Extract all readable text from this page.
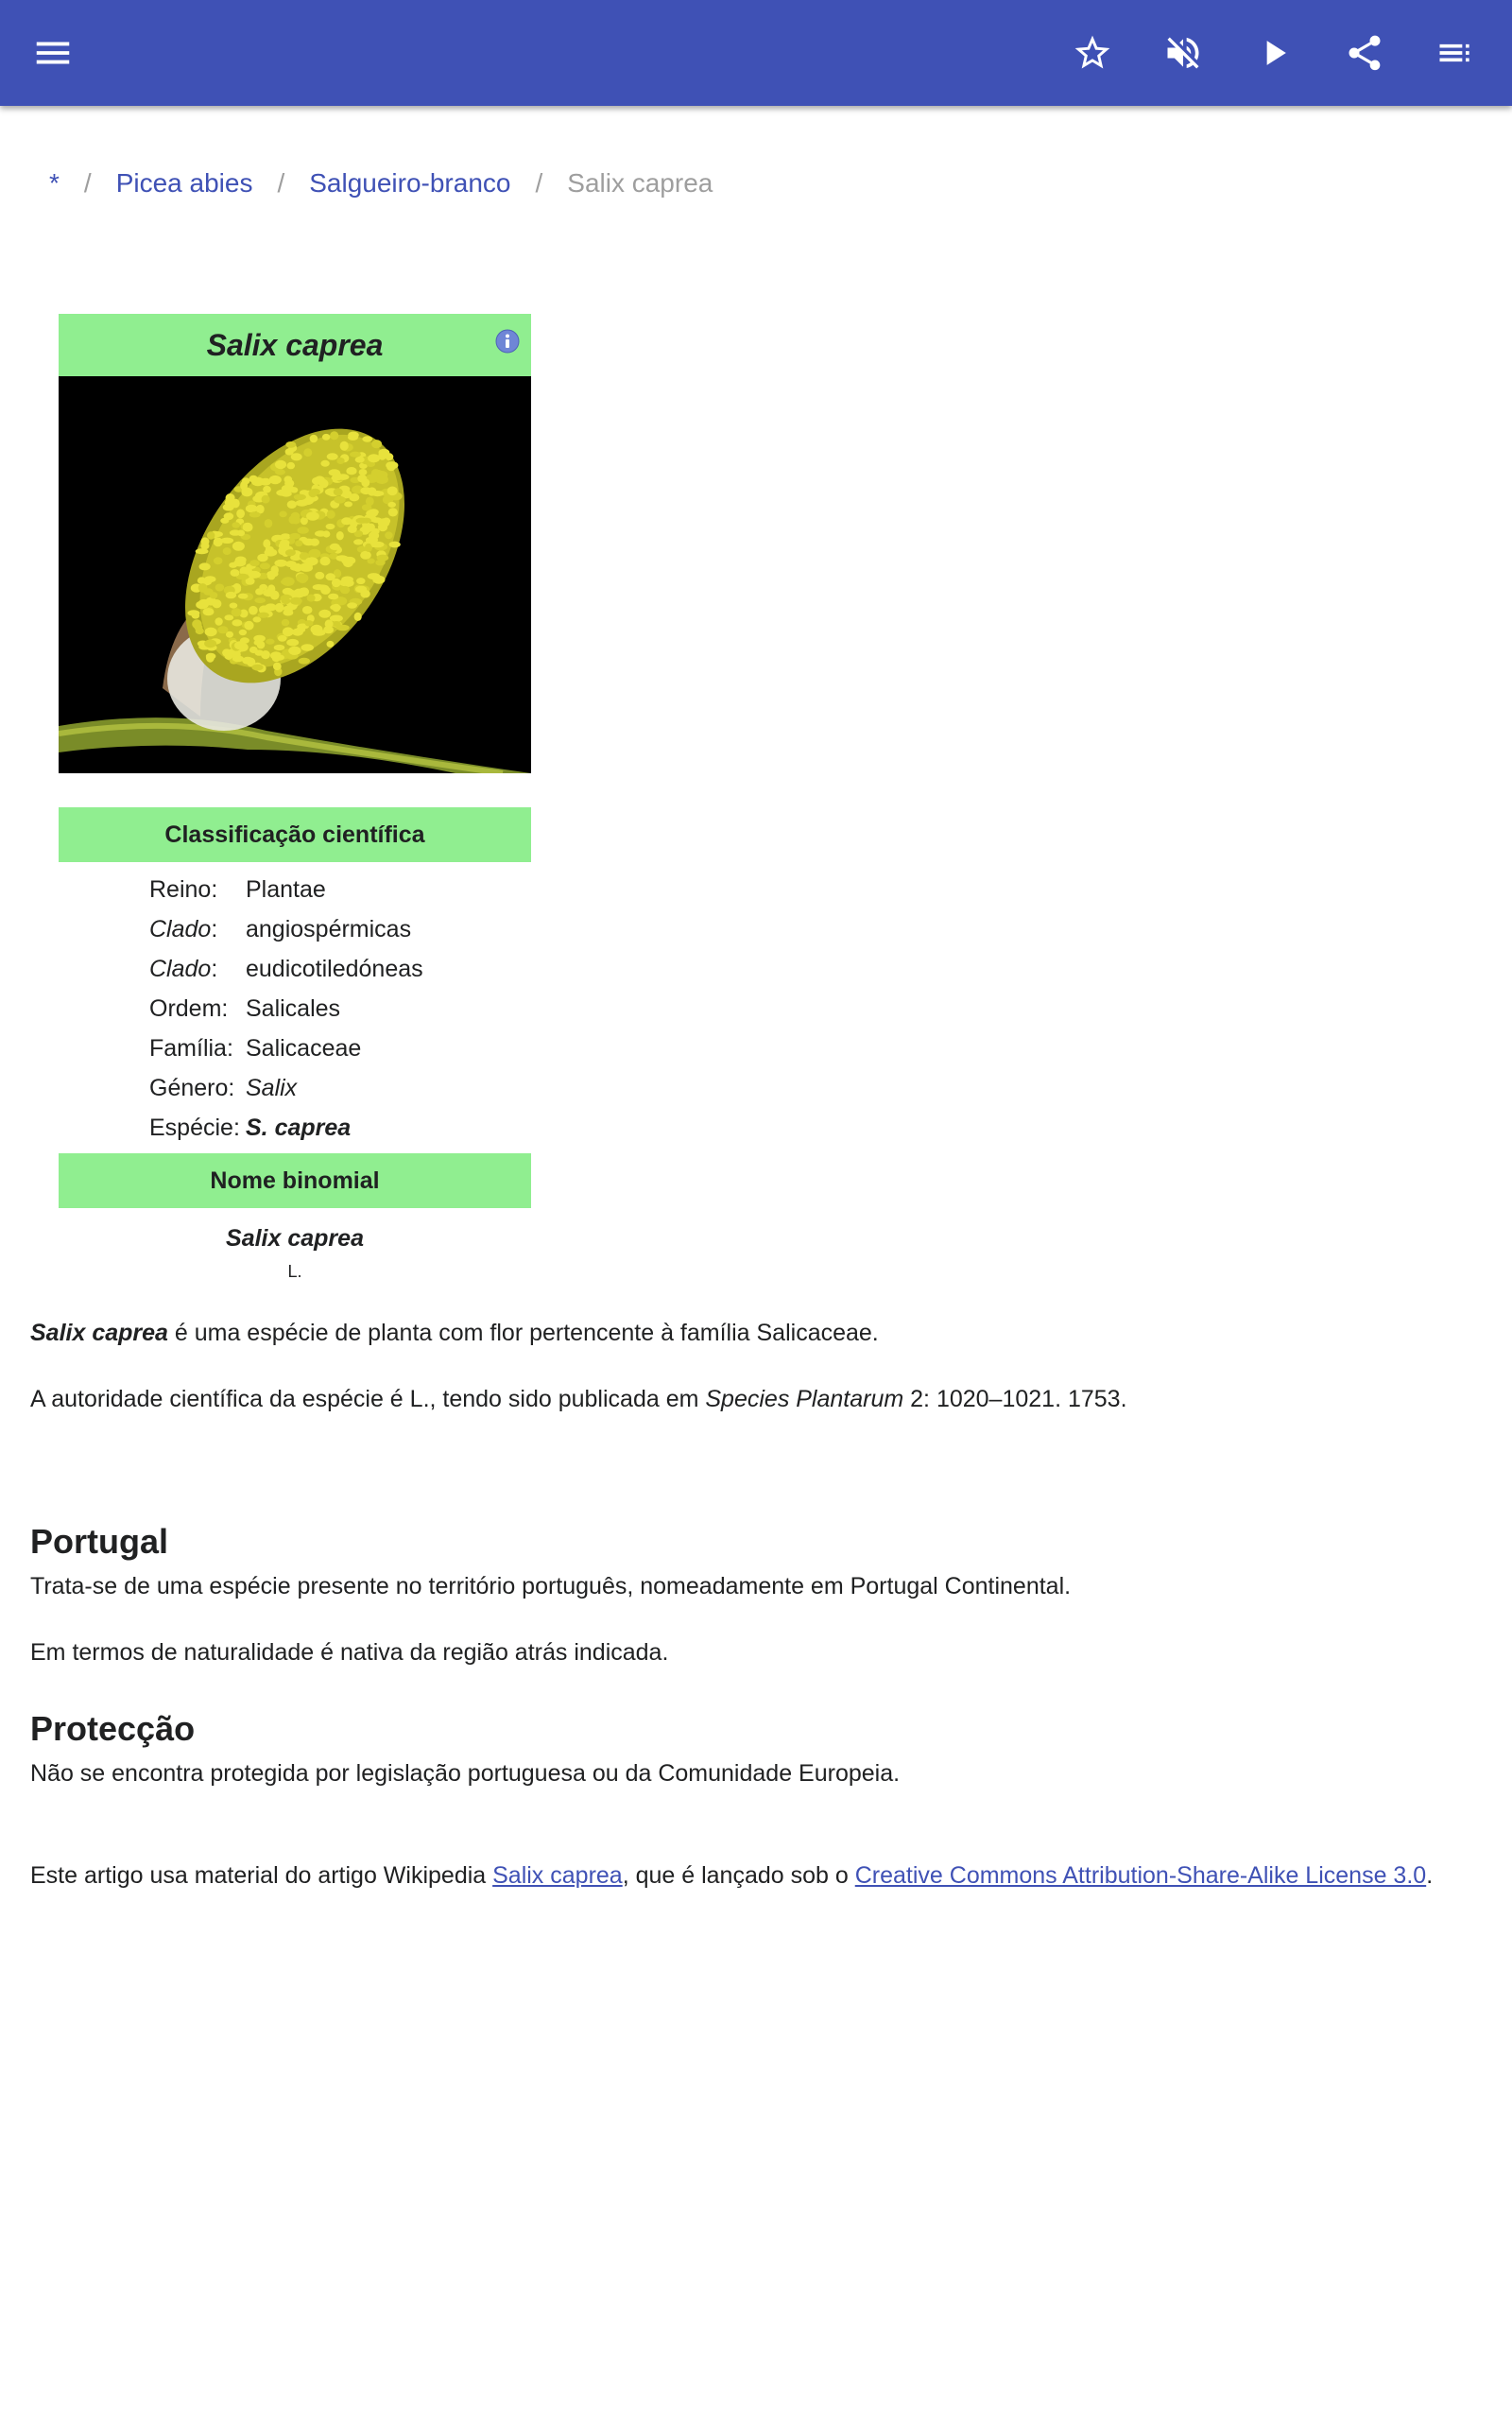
* / Picea abies / Salgueiro-branco / Salix caprea
Salix caprea
Classificação científica
Reino:	Plantae
Clado:	angiospérmicas
Clado:	eudicotiledóneas
Ordem: Salicales
Família: Salicaceae
Género: Salix
Espécie: S. caprea
Nome binomial
Salix caprea
L.

Salix caprea é uma espécie de planta com flor pertencente à família Salicaceae.

A autoridade científica da espécie é L., tendo sido publicada em Species Plantarum 2: 1020–1021. 1753.

Portugal

Trata-se de uma espécie presente no território português, nomeadamente em Portugal Continental.

Em termos de naturalidade é nativa da região atrás indicada.

Protecção

Não se encontra protegida por legislação portuguesa ou da Comunidade Europeia.

Este artigo usa material do artigo Wikipedia Salix caprea, que é lançado sob o Creative Commons Attribution-Share-Alike License 3.0.
